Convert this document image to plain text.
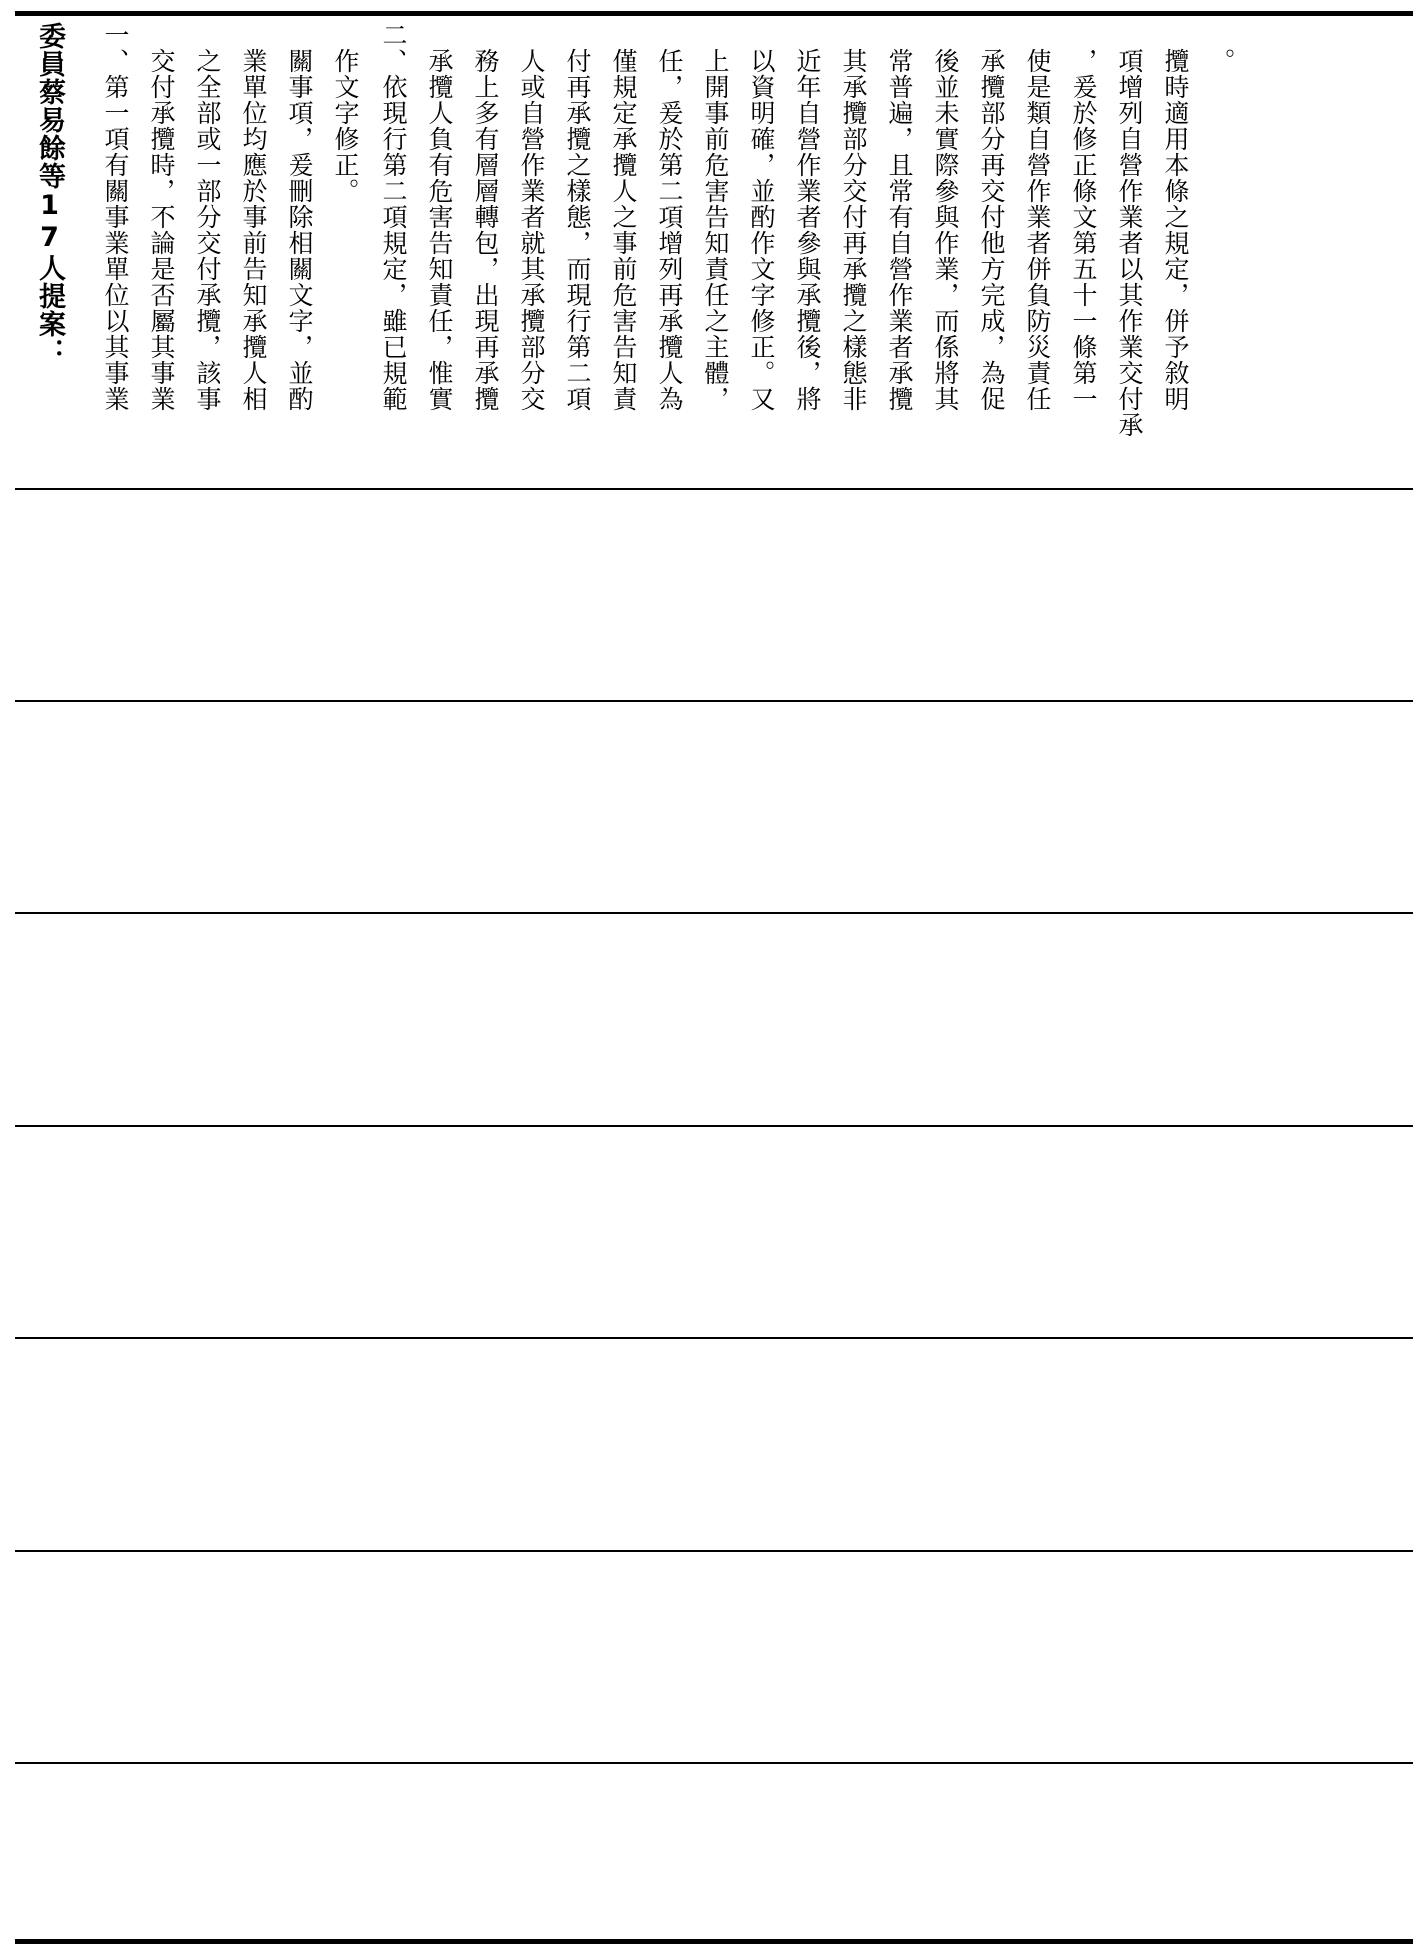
委員蔡易餘等17人提案： 一、第一項有關事業單位以其事業 交付承攬時，不論是否屬其事業 之全部或一部分交付承攬，該事 業單位均應於事前告知承攬人相 關事項，爰刪除相關文字，並酌 作文字修正。 二、依現行第二項規定，雖已規範 承攬人負有危害告知責任，惟實 務上多有層層轉包，出現再承攬 人或自營作業者就其承攬部分交 付再承攬之樣態，而現行第二項 僅規定承攬人之事前危害告知責 任，爰於第二項增列再承攬人為 上開事前危害告知責任之主體， 以資明確，並酌作文字修正。又 近年自營作業者參與承攬後，將 其承攬部分交付再承攬之樣態非 常普遍，且常有自營作業者承攬 後並未實際參與作業，而係將其 承攬部分再交付他方完成，為促 使是類自營作業者併負防災責任 ，爰於修正條文第五十一條第一 項增列自營作業者以其作業交付承 攬時適用本條之規定，併予敘明 。
